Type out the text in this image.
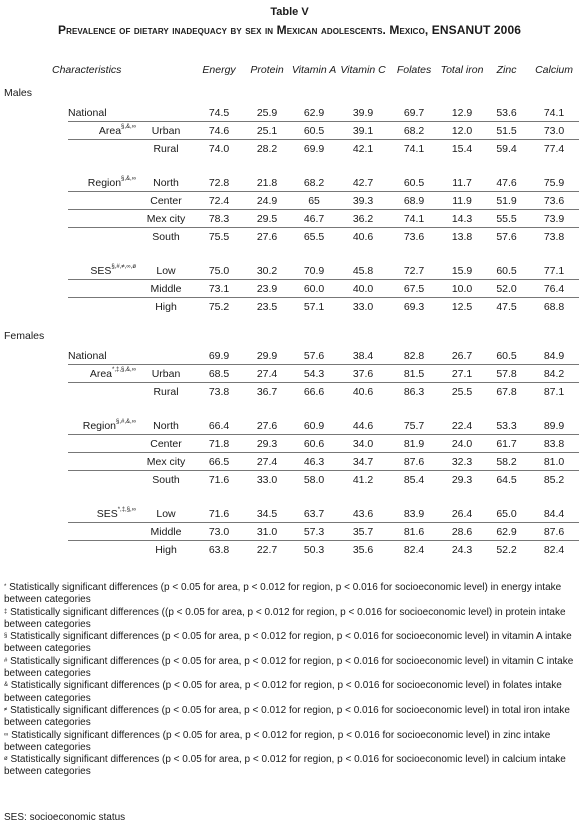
Table V
Prevalence of dietary inadequacy by sex in Mexican adolescents. Mexico, ENSANUT 2006
Characteristics			Energy	Protein	Vitamin A	Vitamin C	Folates	Total iron	Zinc	Calcium
Males										
	National		74.5	25.9	62.9	39.9	69.7	12.9	53.6	74.1
	Area§,&,∞	Urban	74.6	25.1	60.5	39.1	68.2	12.0	51.5	73.0
		Rural	74.0	28.2	69.9	42.1	74.1	15.4	59.4	77.4

	Region§,&,∞	North	72.8	21.8	68.2	42.7	60.5	11.7	47.6	75.9
		Center	72.4	24.9	65	39.3	68.9	11.9	51.9	73.6
		Mex city	78.3	29.5	46.7	36.2	74.1	14.3	55.5	73.9
		South	75.5	27.6	65.5	40.6	73.6	13.8	57.6	73.8

	$SES^{\S,\#,\ne,\infty,ø}$	Low	75.0	30.2	70.9	45.8	72.7	15.9	60.5	77.1
		Middle	73.1	23.9	60.0	40.0	67.5	10.0	52.0	76.4
		High	75.2	23.5	57.1	33.0	69.3	12.5	47.5	68.8

Females										
	National		69.9	29.9	57.6	38.4	82.8	26.7	60.5	84.9
	Area*,‡,§,&,∞	Urban	68.5	27.4	54.3	37.6	81.5	27.1	57.8	84.2
		Rural	73.8	36.7	66.6	40.6	86.3	25.5	67.8	87.1

	Region§,#,&,∞	North	66.4	27.6	60.9	44.6	75.7	22.4	53.3	89.9
		Center	71.8	29.3	60.6	34.0	81.9	24.0	61.7	83.8
		Mex city	66.5	27.4	46.3	34.7	87.6	32.3	58.2	81.0
		South	71.6	33.0	58.0	41.2	85.4	29.3	64.5	85.2

	SES*,‡,§,∞	Low	71.6	34.5	63.7	43.6	83.9	26.4	65.0	84.4
		Middle	73.0	31.0	57.3	35.7	81.6	28.6	62.9	87.6
		High	63.8	22.7	50.3	35.6	82.4	24.3	52.2	82.4
* Statistically significant differences (p < 0.05 for area, p < 0.012 for region, p < 0.016 for socioeconomic level) in energy intake
between categories
‡ Statistically significant differences ((p < 0.05 for area, p < 0.012 for region, p < 0.016 for socioeconomic level) in protein intake
between categories
§ Statistically significant differences (p < 0.05 for area, p < 0.012 for region, p < 0.016 for socioeconomic level) in vitamin A intake
between categories
# Statistically significant differences (p < 0.05 for area, p < 0.012 for region, p < 0.016 for socioeconomic level) in vitamin C intake
between categories
& Statistically significant differences (p < 0.05 for area, p < 0.012 for region, p < 0.016 for socioeconomic level) in folates intake
between categories
≠ Statistically significant differences (p < 0.05 for area, p < 0.012 for region, p < 0.016 for socioeconomic level) in total iron intake
between categories
∞ Statistically significant differences (p < 0.05 for area, p < 0.012 for region, p < 0.016 for socioeconomic level) in zinc intake
between categories
$^ø$ Statistically significant differences (p < 0.05 for area, p < 0.012 for region, p < 0.016 for socioeconomic level) in calcium intake
between categories
SES: socioeconomic status
